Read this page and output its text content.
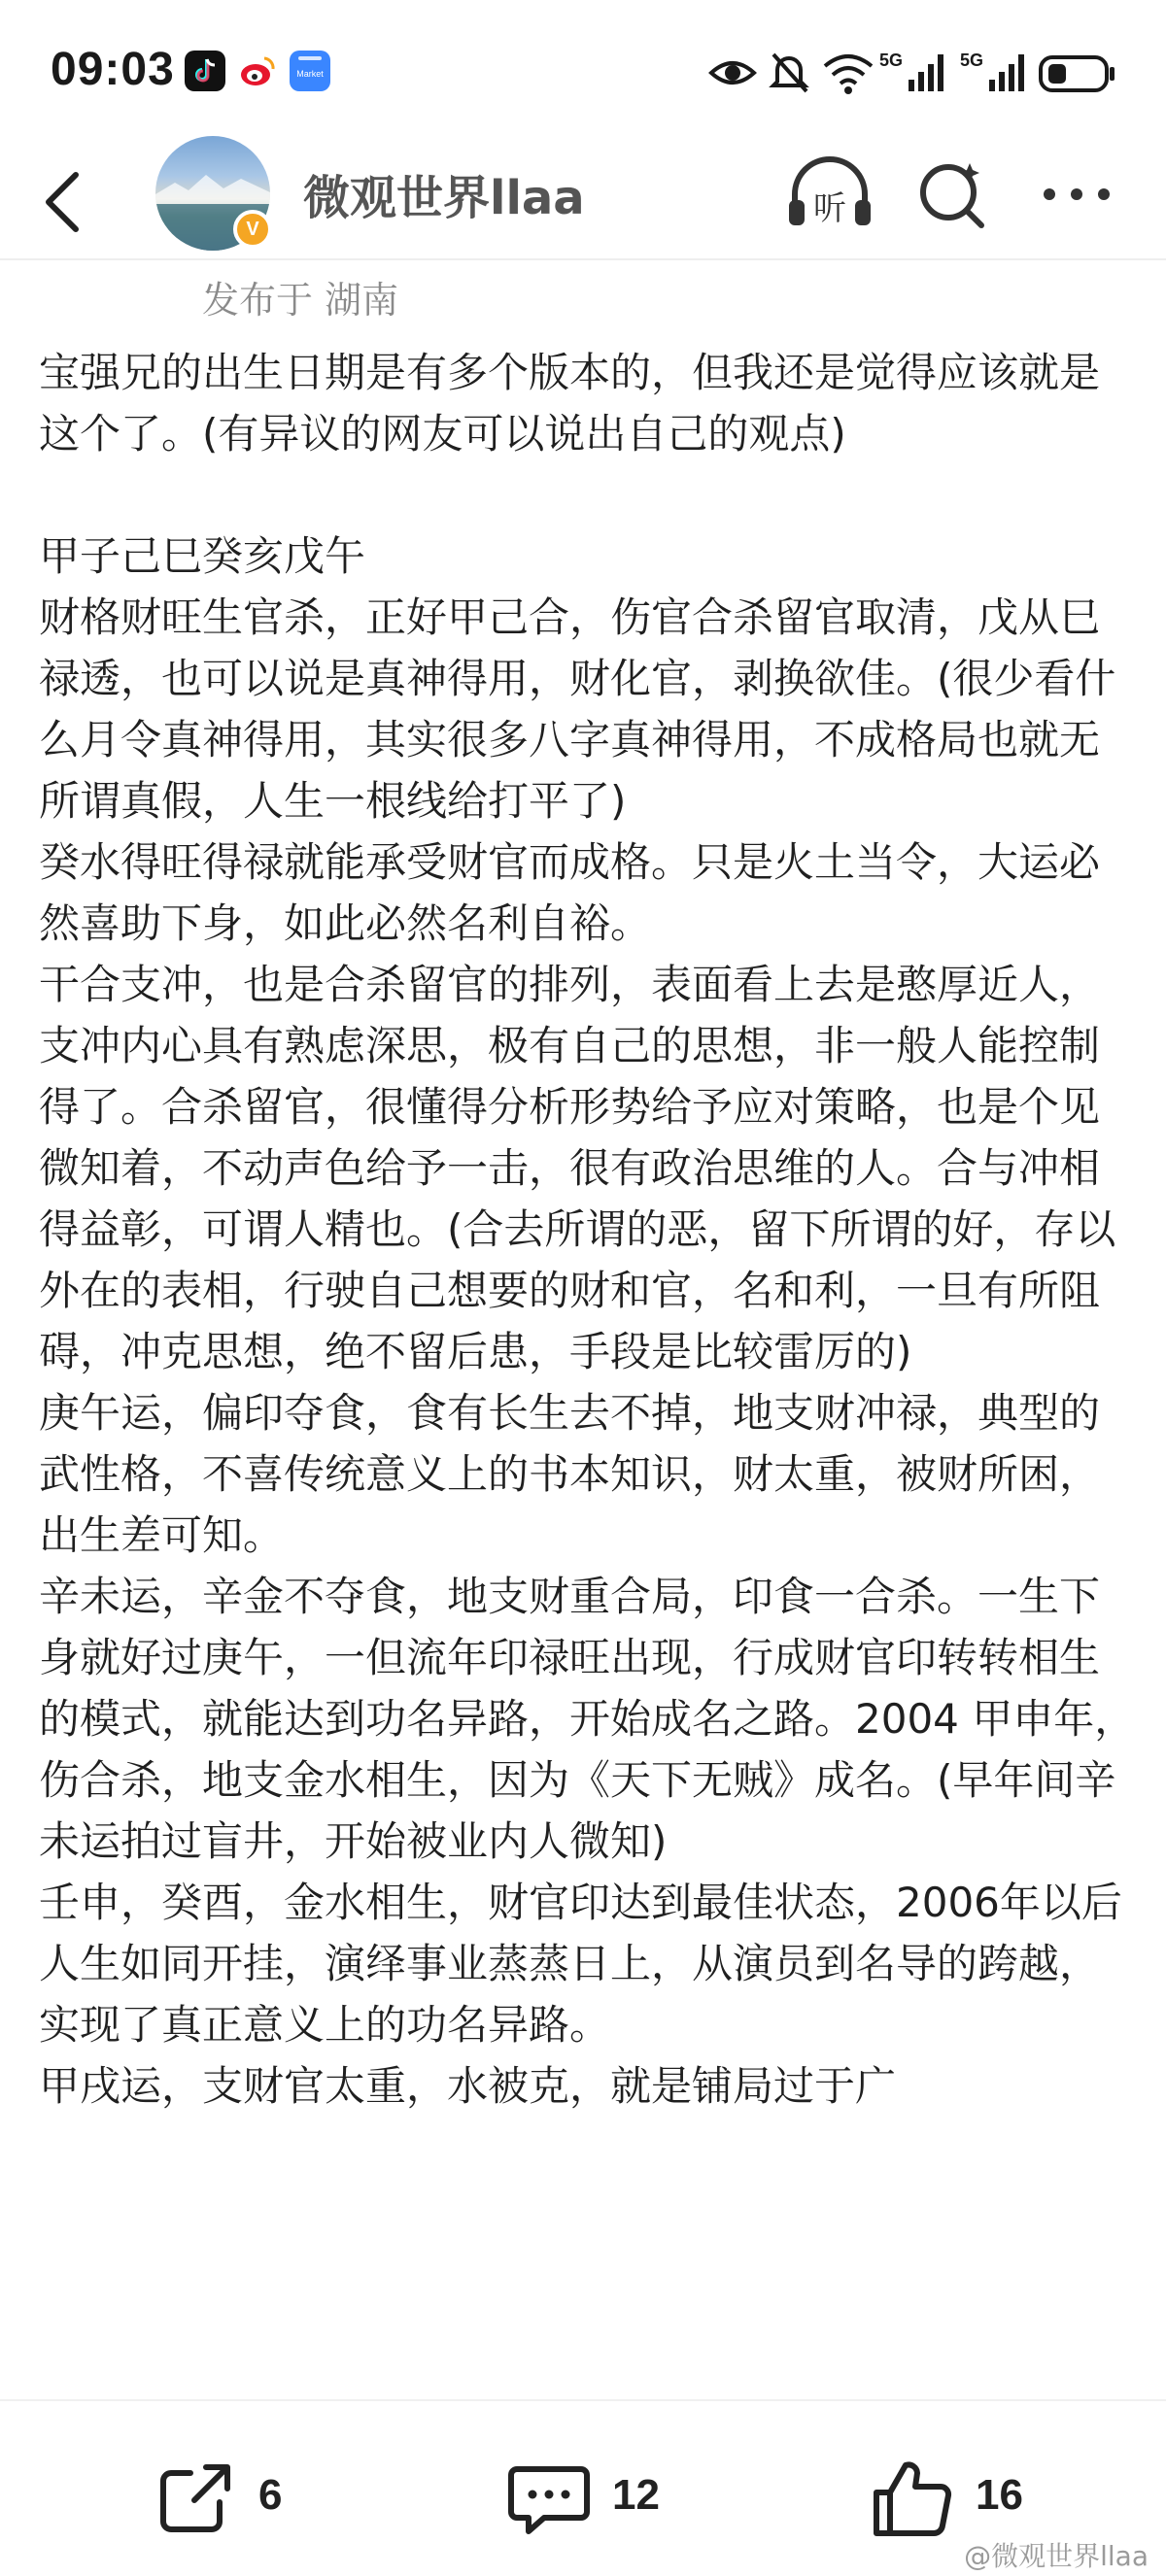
09:03	Market
5G	5G
V
微观世界llaa	听
发布于 湖南

宝强兄的出生日期是有多个版本的，但我还是觉得应该就是这个了。(有异议的网友可以说出自己的观点)

甲子己巳癸亥戊午

财格财旺生官杀，正好甲己合，伤官合杀留官取清，戊从巳禄透，也可以说是真神得用，财化官，剥换欲佳。(很少看什么月令真神得用，其实很多八字真神得用，不成格局也就无所谓真假，人生一根线给打平了)

癸水得旺得禄就能承受财官而成格。只是火土当令，大运必然喜助下身，如此必然名利自裕。

干合支冲，也是合杀留官的排列，表面看上去是憨厚近人，支冲内心具有熟虑深思，极有自己的思想，非一般人能控制得了。合杀留官，很懂得分析形势给予应对策略，也是个见微知着，不动声色给予一击，很有政治思维的人。合与冲相得益彰，可谓人精也。(合去所谓的恶，留下所谓的好，存以外在的表相，行驶自己想要的财和官，名和利，一旦有所阻碍，冲克思想，绝不留后患，手段是比较雷厉的)

庚午运，偏印夺食，食有长生去不掉，地支财冲禄，典型的武性格，不喜传统意义上的书本知识，财太重，被财所困，出生差可知。

辛未运，辛金不夺食，地支财重合局，印食一合杀。一生下身就好过庚午，一但流年印禄旺出现，行成财官印转转相生的模式，就能达到功名异路，开始成名之路。2004 甲申年，伤合杀，地支金水相生，因为《天下无贼》成名。(早年间辛未运拍过盲井，开始被业内人微知)

壬申，癸酉，金水相生，财官印达到最佳状态，2006年以后人生如同开挂，演绎事业蒸蒸日上，从演员到名导的跨越，实现了真正意义上的功名异路。

甲戌运，支财官太重，水被克，就是铺局过于广

6	12	16
@微观世界llaa
